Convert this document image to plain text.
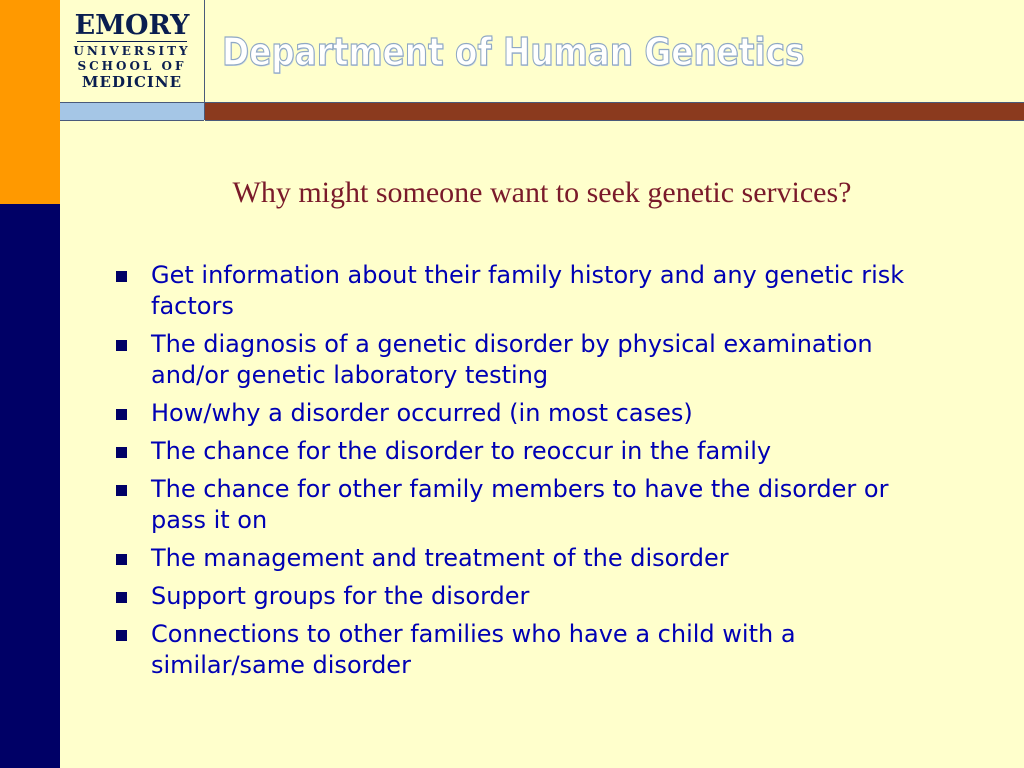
EMORY
UNIVERSITY
SCHOOL OF
MEDICINE
Department of Human Genetics
Why might someone want to seek genetic services?
Get information about their family history and any genetic risk factors
The diagnosis of a genetic disorder by physical examination and/or genetic laboratory testing
How/why a disorder occurred (in most cases)
The chance for the disorder to reoccur in the family
The chance for other family members to have the disorder or pass it on
The management and treatment of the disorder
Support groups for the disorder
Connections to other families who have a child with a similar/same disorder
